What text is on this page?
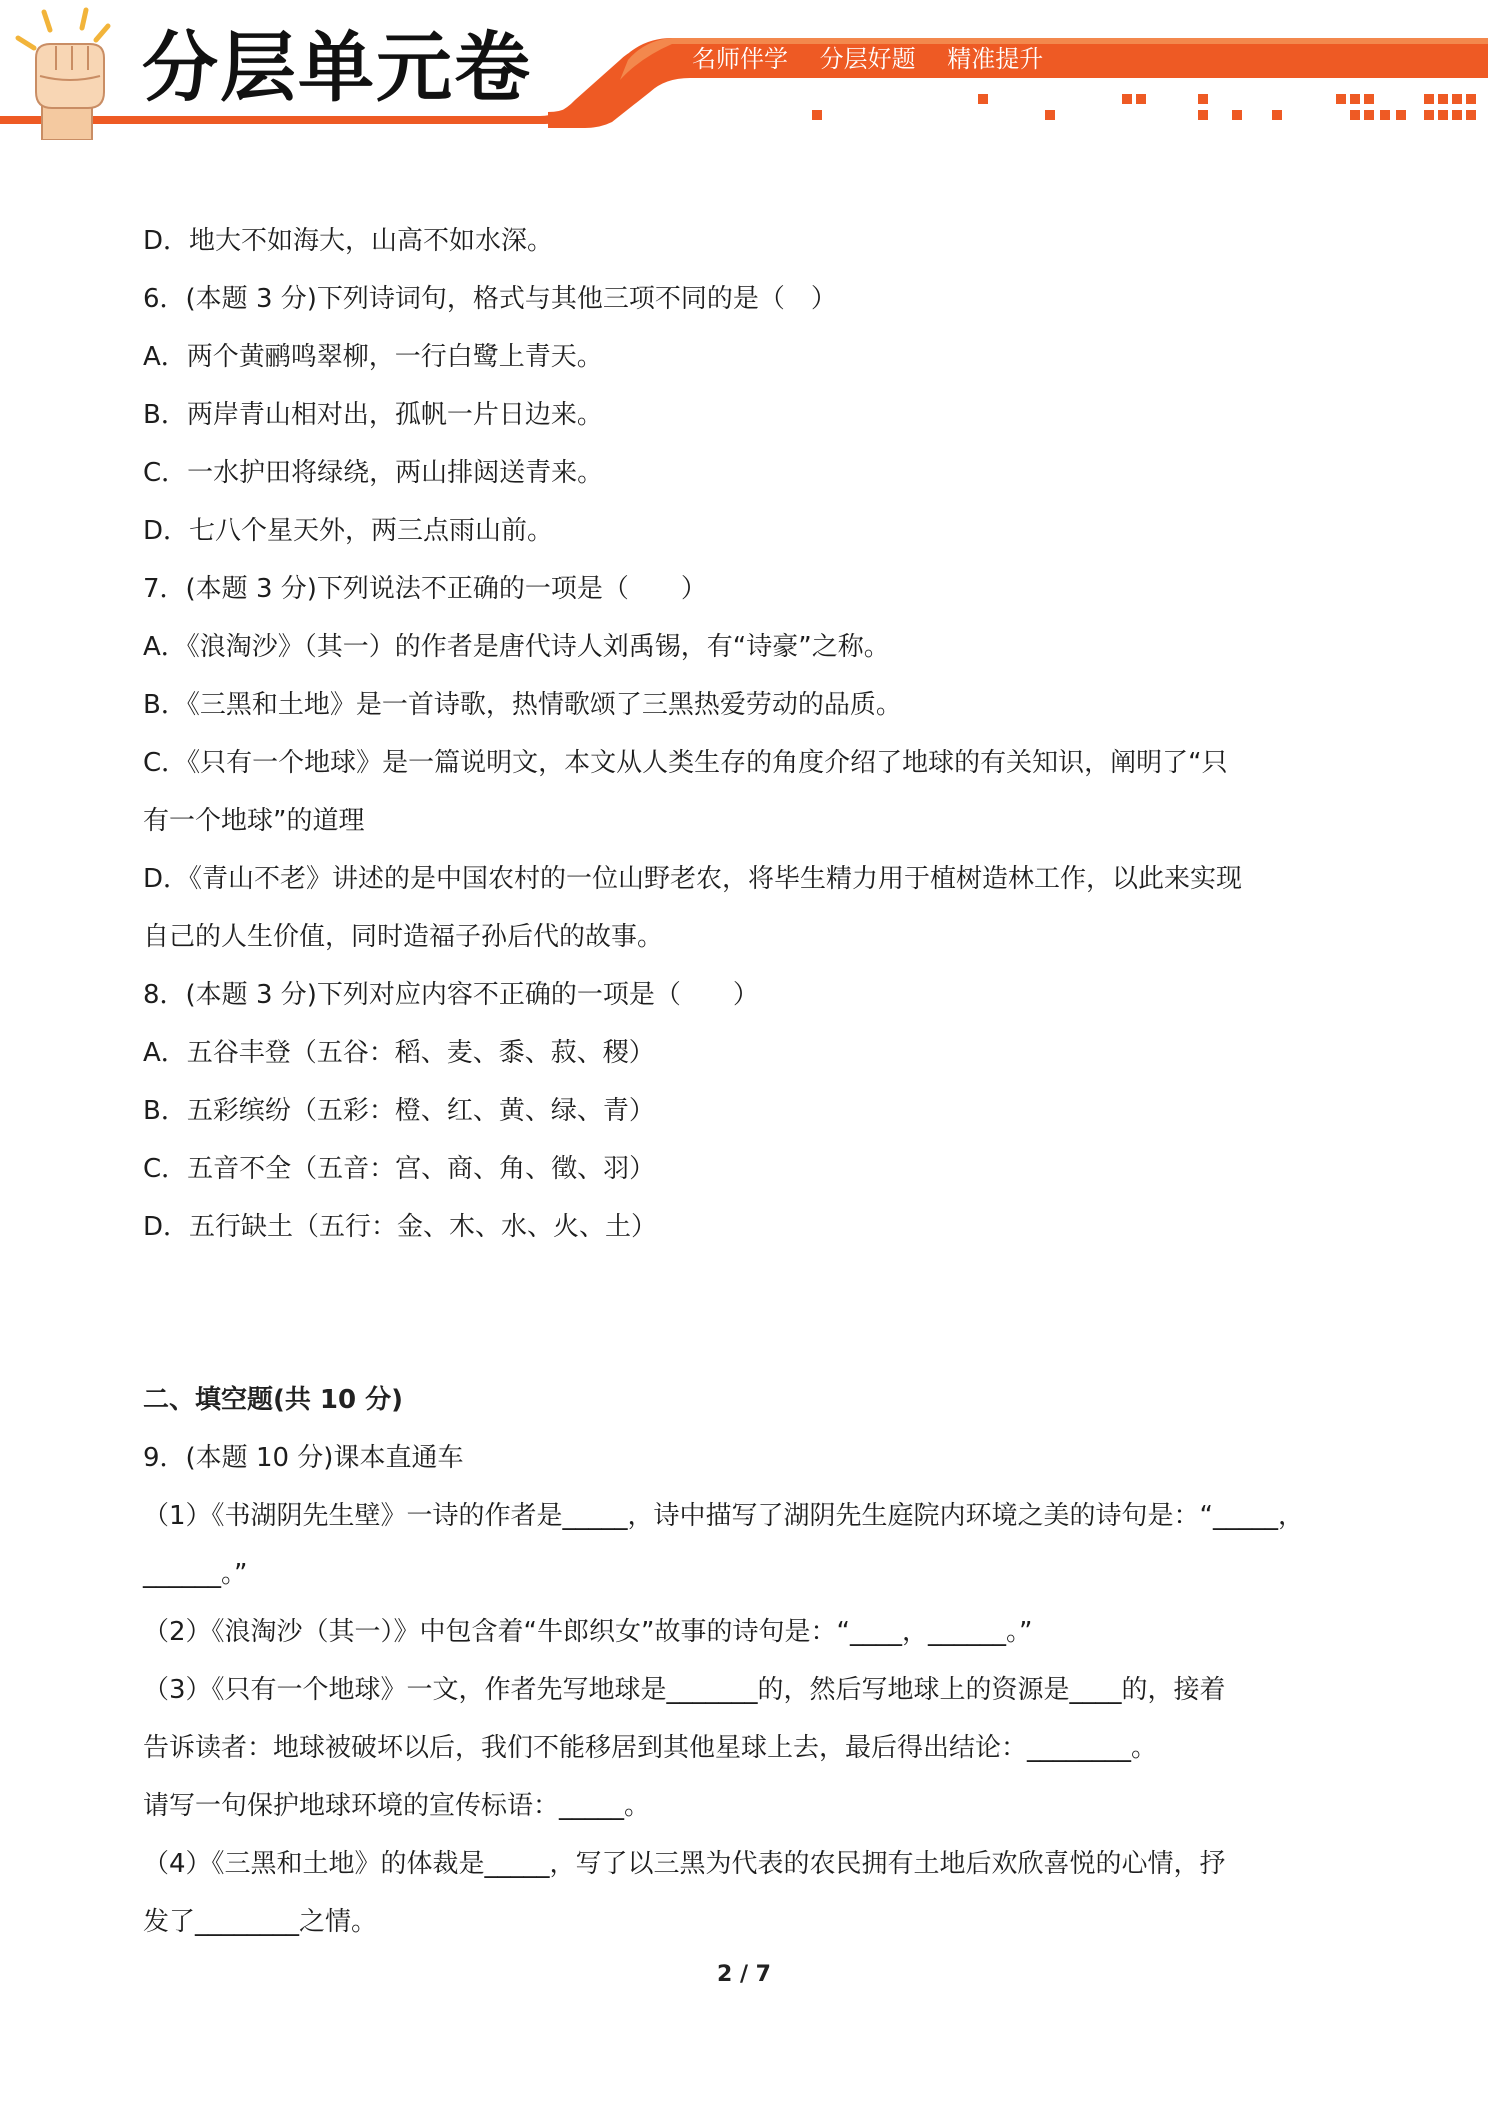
分层单元卷	名师伴学 分层好题 精准提升
D．地大不如海大，山高不如水深。
6．(本题 3 分)下列诗词句，格式与其他三项不同的是（　）
A．两个黄鹂鸣翠柳，一行白鹭上青天。
B．两岸青山相对出，孤帆一片日边来。
C．一水护田将绿绕，两山排闼送青来。
D．七八个星天外，两三点雨山前。
7．(本题 3 分)下列说法不正确的一项是（　　）
A．《浪淘沙》（其一）的作者是唐代诗人刘禹锡，有“诗豪”之称。
B．《三黑和土地》是一首诗歌，热情歌颂了三黑热爱劳动的品质。
C．《只有一个地球》是一篇说明文，本文从人类生存的角度介绍了地球的有关知识，阐明了“只
有一个地球”的道理
D．《青山不老》讲述的是中国农村的一位山野老农，将毕生精力用于植树造林工作，以此来实现
自己的人生价值，同时造福子孙后代的故事。
8．(本题 3 分)下列对应内容不正确的一项是（　　）
A．五谷丰登（五谷：稻、麦、黍、菽、稷）
B．五彩缤纷（五彩：橙、红、黄、绿、青）
C．五音不全（五音：宫、商、角、徵、羽）
D．五行缺土（五行：金、木、水、火、土）
二、填空题(共 10 分)
9．(本题 10 分)课本直通车
（1）《书湖阴先生壁》一诗的作者是_____，诗中描写了湖阴先生庭院内环境之美的诗句是：“_____，
______。”
（2）《浪淘沙（其一）》中包含着“牛郎织女”故事的诗句是：“____，______。”
（3）《只有一个地球》一文，作者先写地球是_______的，然后写地球上的资源是____的，接着
告诉读者：地球被破坏以后，我们不能移居到其他星球上去，最后得出结论：________。
请写一句保护地球环境的宣传标语：_____。
（4）《三黑和土地》的体裁是_____，写了以三黑为代表的农民拥有土地后欢欣喜悦的心情，抒
发了________之情。
2 / 7
